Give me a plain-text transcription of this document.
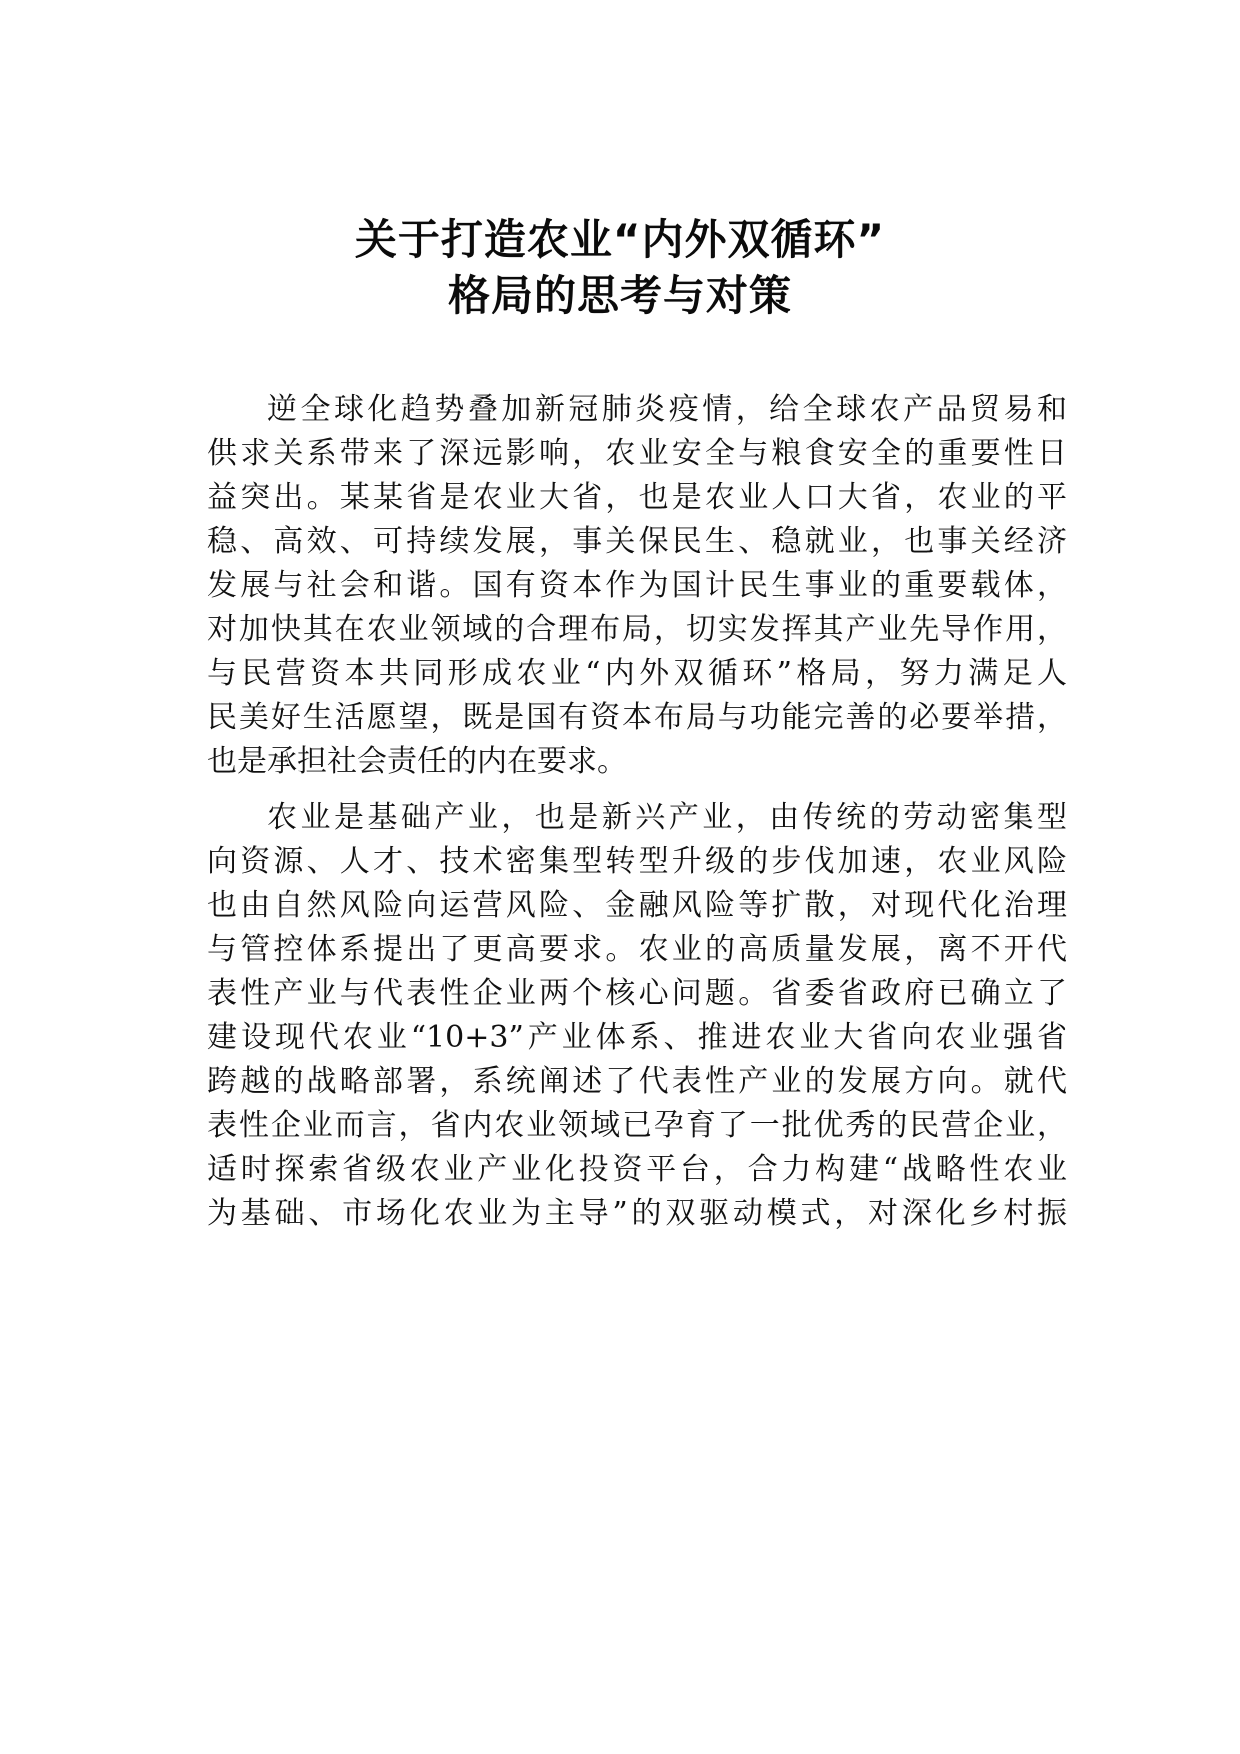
关于打造农业“内外双循环”
格局的思考与对策
逆全球化趋势叠加新冠肺炎疫情，给全球农产品贸易和
供求关系带来了深远影响，农业安全与粮食安全的重要性日
益突出。某某省是农业大省，也是农业人口大省，农业的平
稳、高效、可持续发展，事关保民生、稳就业，也事关经济
发展与社会和谐。国有资本作为国计民生事业的重要载体，
对加快其在农业领域的合理布局，切实发挥其产业先导作用，
与民营资本共同形成农业“内外双循环”格局，努力满足人
民美好生活愿望，既是国有资本布局与功能完善的必要举措，
也是承担社会责任的内在要求。
农业是基础产业，也是新兴产业，由传统的劳动密集型
向资源、人才、技术密集型转型升级的步伐加速，农业风险
也由自然风险向运营风险、金融风险等扩散，对现代化治理
与管控体系提出了更高要求。农业的高质量发展，离不开代
表性产业与代表性企业两个核心问题。省委省政府已确立了
建设现代农业“10+3”产业体系、推进农业大省向农业强省
跨越的战略部署，系统阐述了代表性产业的发展方向。就代
表性企业而言，省内农业领域已孕育了一批优秀的民营企业，
适时探索省级农业产业化投资平台，合力构建“战略性农业
为基础、市场化农业为主导”的双驱动模式，对深化乡村振
